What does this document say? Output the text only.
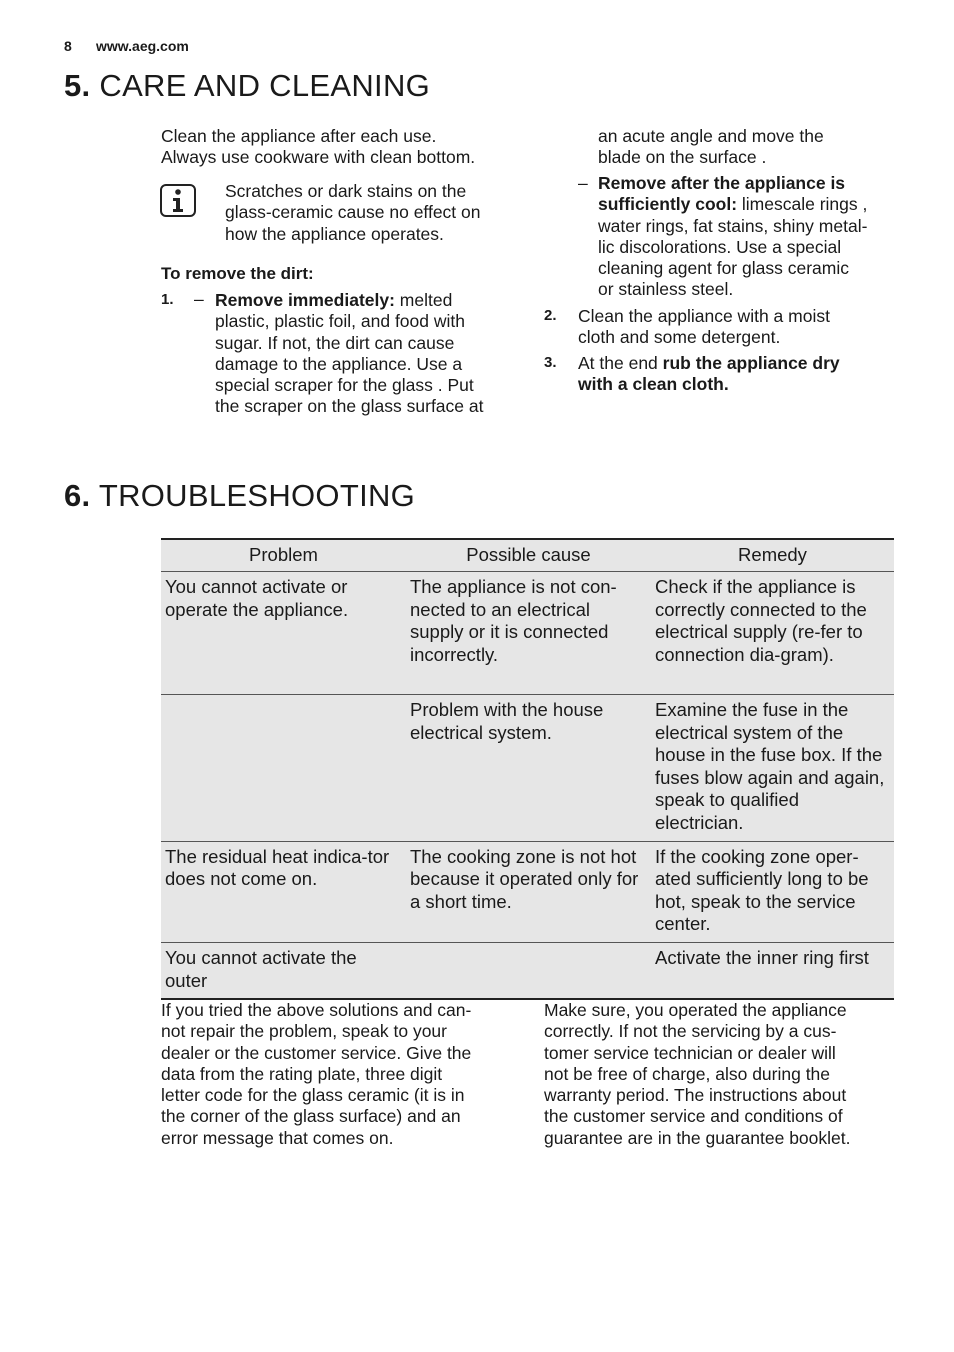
8 www.aeg.com
5. CARE AND CLEANING
Clean the appliance after each use.
Always use cookware with clean bottom.
Scratches or dark stains on the
glass-ceramic cause no effect on
how the appliance operates.
To remove the dirt:
1. – Remove immediately: melted
plastic, plastic foil, and food with
sugar. If not, the dirt can cause
damage to the appliance. Use a
special scraper for the glass . Put
the scraper on the glass surface at
an acute angle and move the
blade on the surface .
– Remove after the appliance is
sufficiently cool: limescale rings ,
water rings, fat stains, shiny metal-
lic discolorations. Use a special
cleaning agent for glass ceramic
or stainless steel.
2. Clean the appliance with a moist
cloth and some detergent.
3. At the end rub the appliance dry
with a clean cloth.
6. TROUBLESHOOTING
Problem	Possible cause	Remedy
You cannot activate or operate the appliance.	The appliance is not con-nected to an electrical supply or it is connected incorrectly.	Check if the appliance is correctly connected to the electrical supply (re-fer to connection dia-gram).
	Problem with the house electrical system.	Examine the fuse in the electrical system of the house in the fuse box. If the fuses blow again and again, speak to qualified electrician.
The residual heat indica-tor does not come on.	The cooking zone is not hot because it operated only for a short time.	If the cooking zone oper-ated sufficiently long to be hot, speak to the service center.
You cannot activate the outer		Activate the inner ring first
If you tried the above solutions and can-
not repair the problem, speak to your
dealer or the customer service. Give the
data from the rating plate, three digit
letter code for the glass ceramic (it is in
the corner of the glass surface) and an
error message that comes on.
Make sure, you operated the appliance
correctly. If not the servicing by a cus-
tomer service technician or dealer will
not be free of charge, also during the
warranty period. The instructions about
the customer service and conditions of
guarantee are in the guarantee booklet.
